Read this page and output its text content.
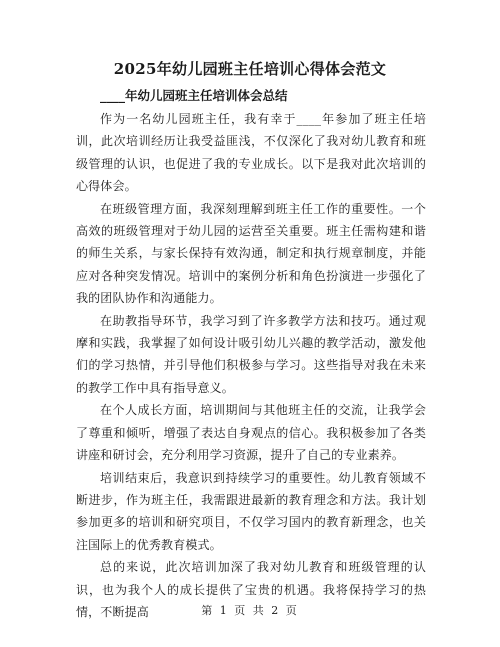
2025年幼儿园班主任培训心得体会范文
____年幼儿园班主任培训体会总结

作为一名幼儿园班主任，我有幸于____年参加了班主任培训，此次培训经历让我受益匪浅，不仅深化了我对幼儿教育和班级管理的认识，也促进了我的专业成长。以下是我对此次培训的心得体会。

在班级管理方面，我深刻理解到班主任工作的重要性。一个高效的班级管理对于幼儿园的运营至关重要。班主任需构建和谐的师生关系，与家长保持有效沟通，制定和执行规章制度，并能应对各种突发情况。培训中的案例分析和角色扮演进一步强化了我的团队协作和沟通能力。

在助教指导环节，我学习到了许多教学方法和技巧。通过观摩和实践，我掌握了如何设计吸引幼儿兴趣的教学活动，激发他们的学习热情，并引导他们积极参与学习。这些指导对我在未来的教学工作中具有指导意义。

在个人成长方面，培训期间与其他班主任的交流，让我学会了尊重和倾听，增强了表达自身观点的信心。我积极参加了各类讲座和研讨会，充分利用学习资源，提升了自己的专业素养。

培训结束后，我意识到持续学习的重要性。幼儿教育领域不断进步，作为班主任，我需跟进最新的教育理念和方法。我计划参加更多的培训和研究项目，不仅学习国内的教育新理念，也关注国际上的优秀教育模式。

总的来说，此次培训加深了我对幼儿教育和班级管理的认识，也为我个人的成长提供了宝贵的机遇。我将保持学习的热情，不断提高	第 1 页 共 2 页
